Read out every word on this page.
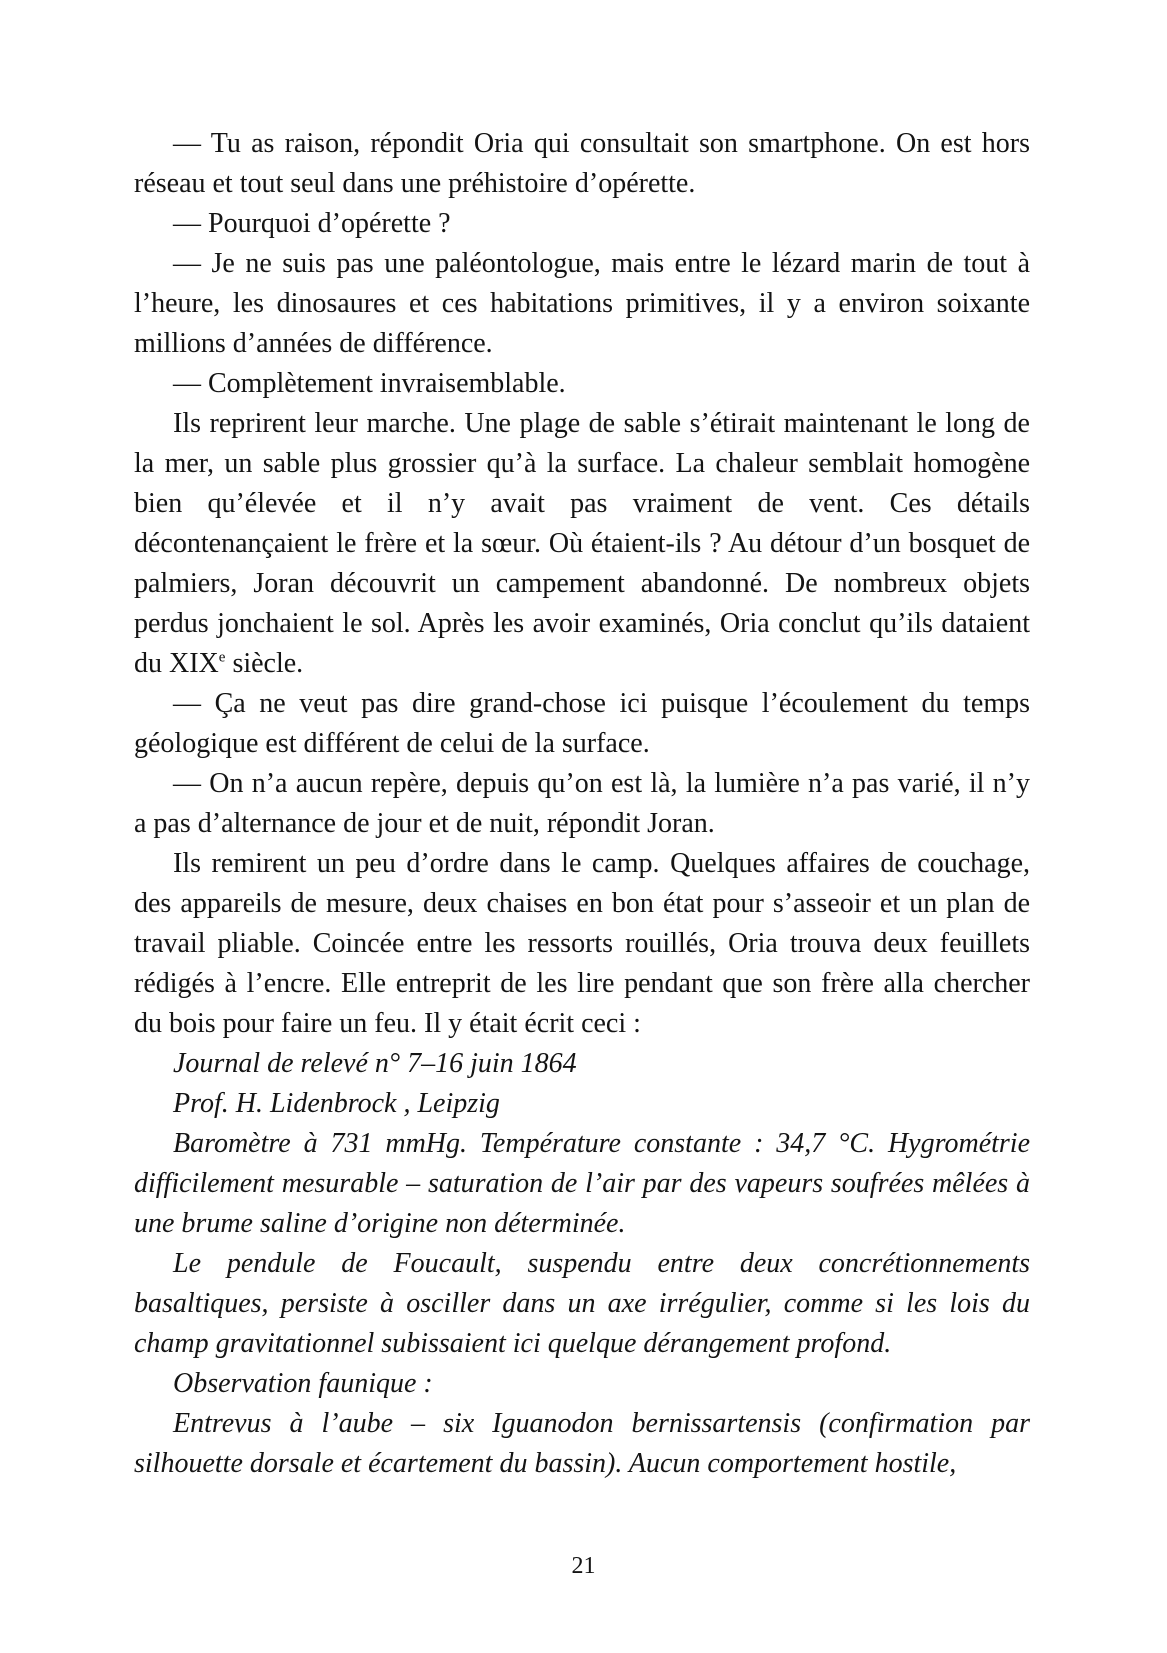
— Tu as raison, répondit Oria qui consultait son smartphone. On est hors réseau et tout seul dans une préhistoire d’opérette.

— Pourquoi d’opérette ?

— Je ne suis pas une paléontologue, mais entre le lézard marin de tout à l’heure, les dinosaures et ces habitations primitives, il y a environ soixante millions d’années de différence.

— Complètement invraisemblable.

Ils reprirent leur marche. Une plage de sable s’étirait maintenant le long de la mer, un sable plus grossier qu’à la surface. La chaleur semblait homogène bien qu’élevée et il n’y avait pas vraiment de vent. Ces détails décontenançaient le frère et la sœur. Où étaient-ils ? Au détour d’un bosquet de palmiers, Joran découvrit un campement abandonné. De nombreux objets perdus jonchaient le sol. Après les avoir examinés, Oria conclut qu’ils dataient du XIXe siècle.

— Ça ne veut pas dire grand-chose ici puisque l’écoulement du temps géologique est différent de celui de la surface.

— On n’a aucun repère, depuis qu’on est là, la lumière n’a pas varié, il n’y a pas d’alternance de jour et de nuit, répondit Joran.

Ils remirent un peu d’ordre dans le camp. Quelques affaires de couchage, des appareils de mesure, deux chaises en bon état pour s’asseoir et un plan de travail pliable. Coincée entre les ressorts rouillés, Oria trouva deux feuillets rédigés à l’encre. Elle entreprit de les lire pendant que son frère alla chercher du bois pour faire un feu. Il y était écrit ceci :

Journal de relevé n° 7–16 juin 1864

Prof. H. Lidenbrock , Leipzig

Baromètre à 731 mmHg. Température constante : 34,7 °C. Hygrométrie difficilement mesurable – saturation de l’air par des vapeurs soufrées mêlées à une brume saline d’origine non déterminée.

Le pendule de Foucault, suspendu entre deux concrétionnements basaltiques, persiste à osciller dans un axe irrégulier, comme si les lois du champ gravitationnel subissaient ici quelque dérangement profond.

Observation faunique :

Entrevus à l’aube – six Iguanodon bernissartensis (confirmation par silhouette dorsale et écartement du bassin). Aucun comportement hostile,

21
